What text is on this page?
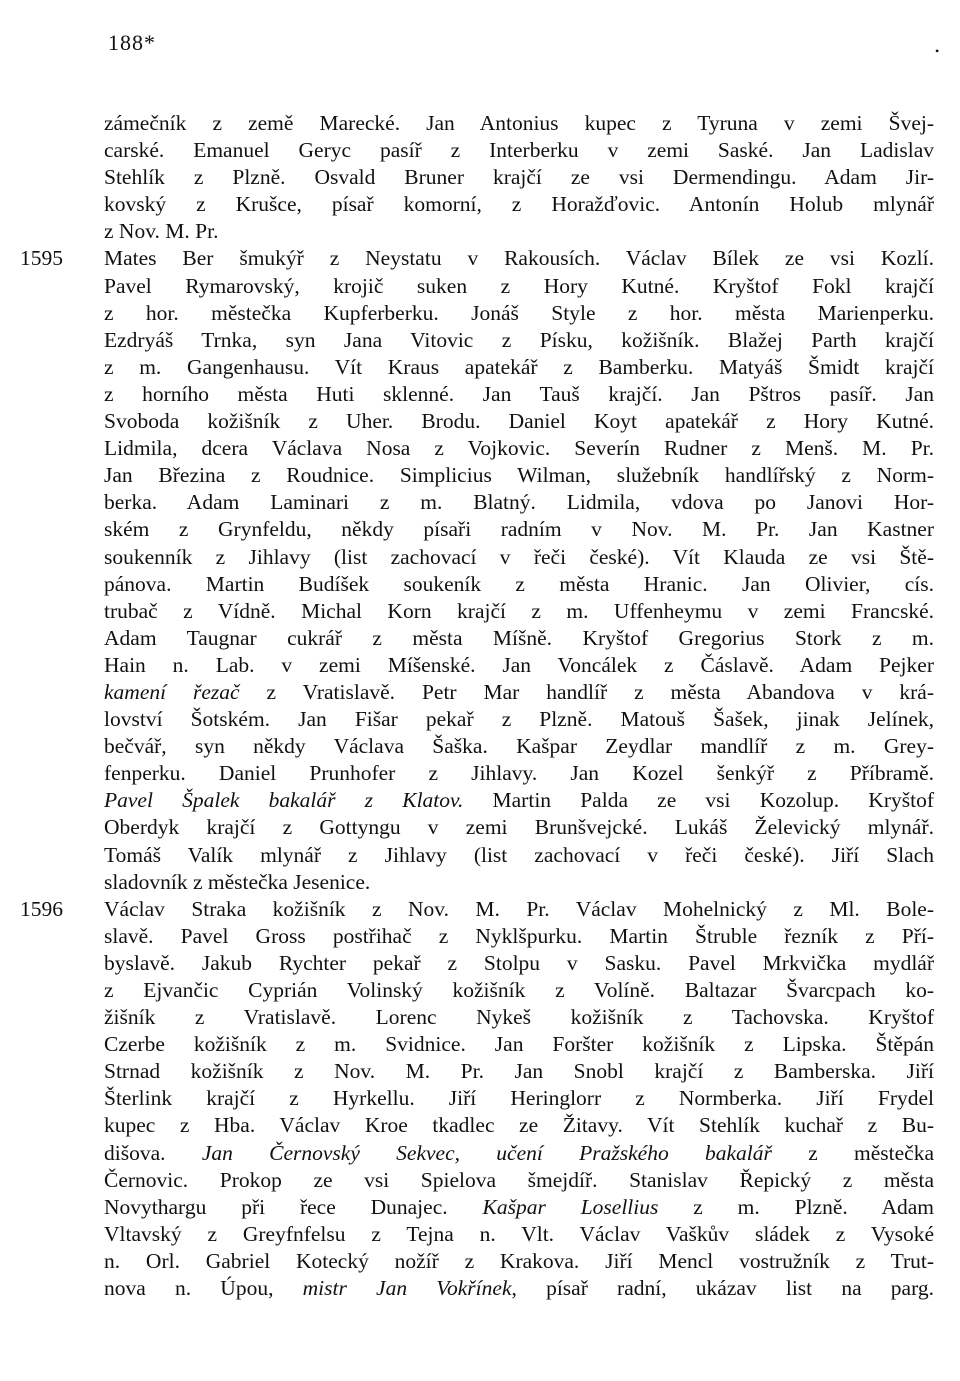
188*	•
zámečník z země Marecké. Jan Antonius kupec z Tyruna v zemi Švej-
carské. Emanuel Geryc pasíř z Interberku v zemi Saské. Jan Ladislav
Stehlík z Plzně. Osvald Bruner krajčí ze vsi Dermendingu. Adam Jir-
kovský z Krušce, písař komorní, z Horažďovic. Antonín Holub mlynář
z Nov. M. Pr.
1595 Mates Ber šmukýř z Neystatu v Rakousích. Václav Bílek ze vsi Kozlí.
Pavel Rymarovský, krojič suken z Hory Kutné. Kryštof Fokl krajčí
z hor. městečka Kupferberku. Jonáš Style z hor. města Marienperku.
Ezdryáš Trnka, syn Jana Vitovic z Písku, kožišník. Blažej Parth krajčí
z m. Gangenhausu. Vít Kraus apatekář z Bamberku. Matyáš Šmidt krajčí
z horního města Huti sklenné. Jan Tauš krajčí. Jan Pštros pasíř. Jan
Svoboda kožišník z Uher. Brodu. Daniel Koyt apatekář z Hory Kutné.
Lidmila, dcera Václava Nosa z Vojkovic. Severín Rudner z Menš. M. Pr.
Jan Březina z Roudnice. Simplicius Wilman, služebník handlířský z Norm-
berka. Adam Laminari z m. Blatný. Lidmila, vdova po Janovi Hor-
ském z Grynfeldu, někdy písaři radním v Nov. M. Pr. Jan Kastner
soukenník z Jihlavy (list zachovací v řeči české). Vít Klauda ze vsi Ště-
pánova. Martin Budíšek soukeník z města Hranic. Jan Olivier, cís.
trubač z Vídně. Michal Korn krajčí z m. Uffenheymu v zemi Francské.
Adam Taugnar cukrář z města Míšně. Kryštof Gregorius Stork z m.
Hain n. Lab. v zemi Míšenské. Jan Voncálek z Čáslavě. Adam Pejker
kamení řezač z Vratislavě. Petr Mar handlíř z města Abandova v krá-
lovství Šotském. Jan Fišar pekař z Plzně. Matouš Šašek, jinak Jelínek,
bečvář, syn někdy Václava Šaška. Kašpar Zeydlar mandlíř z m. Grey-
fenperku. Daniel Prunhofer z Jihlavy. Jan Kozel šenkýř z Příbramě.
Pavel Špalek bakalář z Klatov. Martin Palda ze vsi Kozolup. Kryštof
Oberdyk krajčí z Gottyngu v zemi Brunšvejcké. Lukáš Želevický mlynář.
Tomáš Valík mlynář z Jihlavy (list zachovací v řeči české). Jiří Slach
sladovník z městečka Jesenice.
1596 Václav Straka kožišník z Nov. M. Pr. Václav Mohelnický z Ml. Bole-
slavě. Pavel Gross postřihač z Nyklšpurku. Martin Štruble řezník z Pří-
byslavě. Jakub Rychter pekař z Stolpu v Sasku. Pavel Mrkvička mydlář
z Ejvančic Cyprián Volinský kožišník z Volíně. Baltazar Švarcpach ko-
žišník z Vratislavě. Lorenc Nykeš kožišník z Tachovska. Kryštof
Czerbe kožišník z m. Svidnice. Jan Foršter kožišník z Lipska. Štěpán
Strnad kožišník z Nov. M. Pr. Jan Snobl krajčí z Bamberska. Jiří
Šterlink krajčí z Hyrkellu. Jiří Heringlorr z Normberka. Jiří Frydel
kupec z Hba. Václav Kroe tkadlec ze Žitavy. Vít Stehlík kuchař z Bu-
dišova. Jan Černovský Sekvec, učení Pražského bakalář z městečka
Černovic. Prokop ze vsi Spielova šmejdíř. Stanislav Řepický z města
Novythargu při řece Dunajec. Kašpar Losellius z m. Plzně. Adam
Vltavský z Greyfnfelsu z Tejna n. Vlt. Václav Vaškův sládek z Vysoké
n. Orl. Gabriel Kotecký nožíř z Krakova. Jiří Mencl vostružník z Trut-
nova n. Úpou, mistr Jan Vokřínek, písař radní, ukázav list na parg.
